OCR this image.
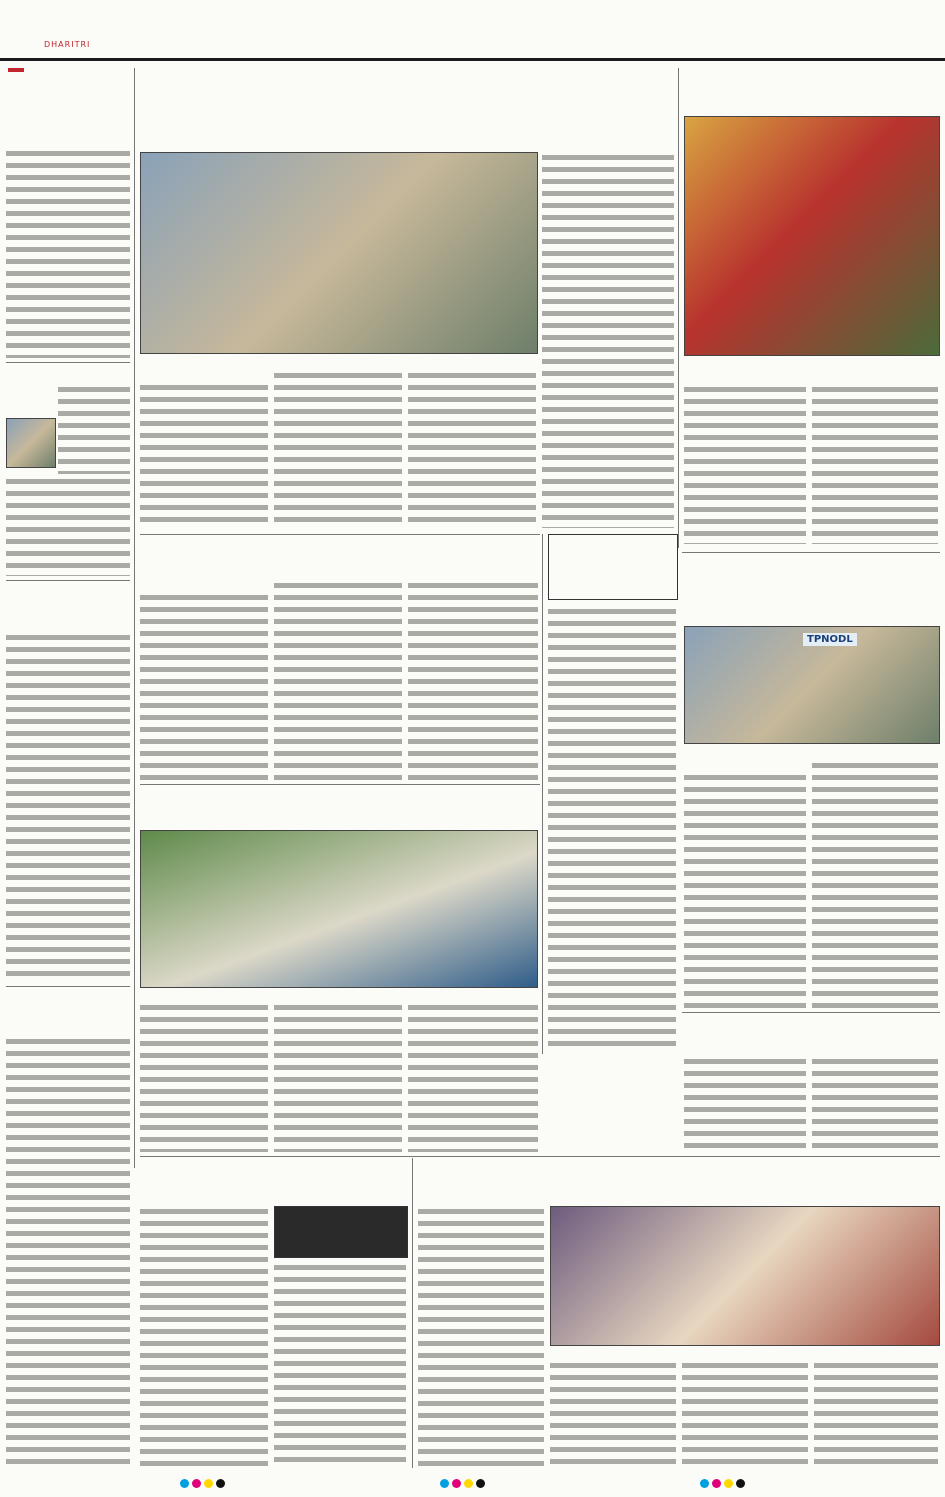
DHARITRI
TPNODL
